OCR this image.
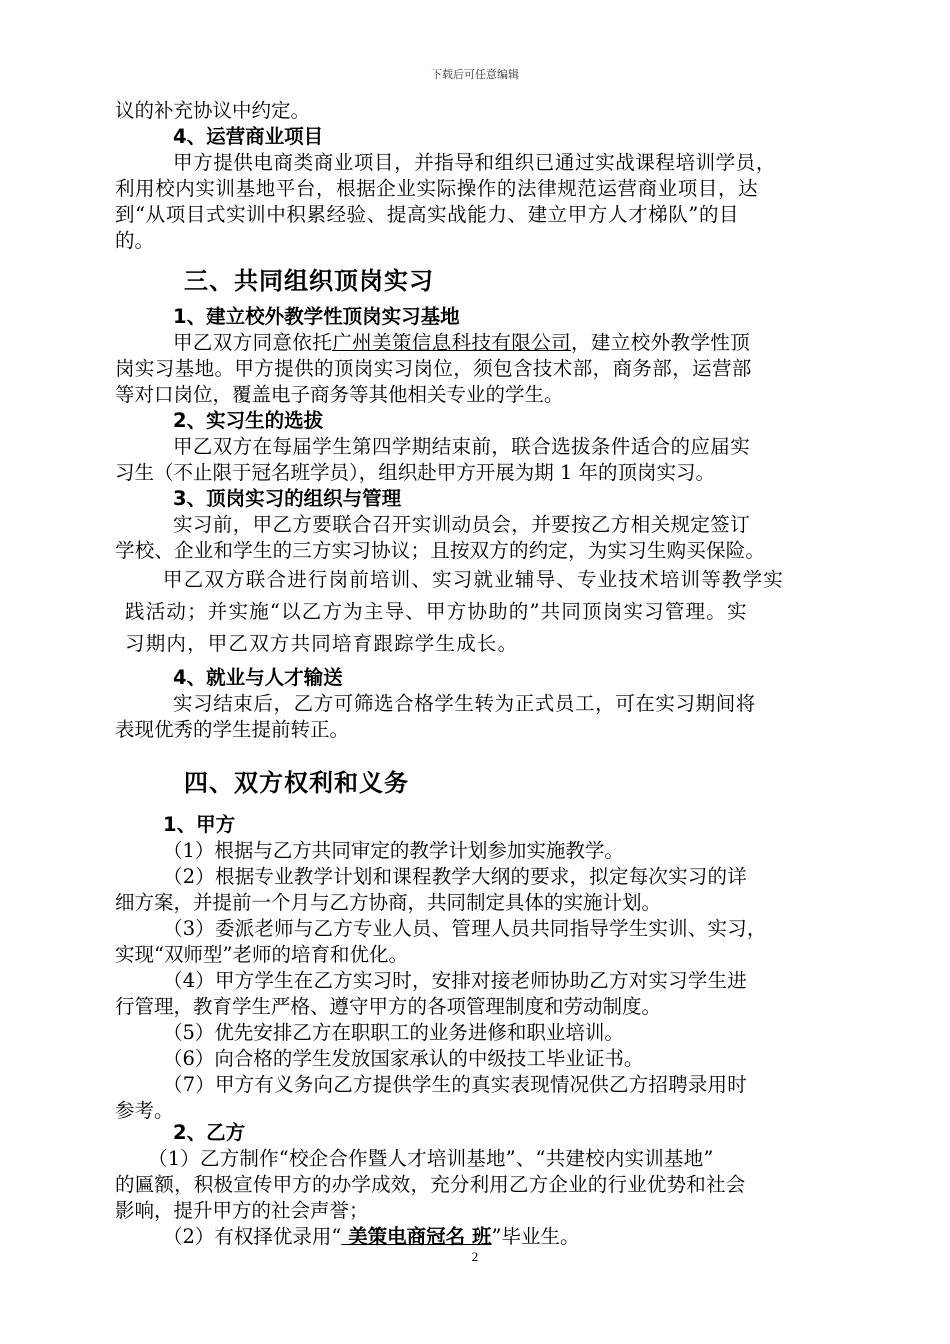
下载后可任意编辑
议的补充协议中约定。
4、运营商业项目
甲方提供电商类商业项目，并指导和组织已通过实战课程培训学员，
利用校内实训基地平台，根据企业实际操作的法律规范运营商业项目，达
到“从项目式实训中积累经验、提高实战能力、建立甲方人才梯队”的目
的。
三、共同组织顶岗实习
1、建立校外教学性顶岗实习基地
甲乙双方同意依托广州美策信息科技有限公司，建立校外教学性顶
岗实习基地。甲方提供的顶岗实习岗位，须包含技术部，商务部，运营部
等对口岗位，覆盖电子商务等其他相关专业的学生。
2、实习生的选拔
甲乙双方在每届学生第四学期结束前，联合选拔条件适合的应届实
习生（不止限于冠名班学员），组织赴甲方开展为期 1 年的顶岗实习。
3、顶岗实习的组织与管理
实习前，甲乙方要联合召开实训动员会，并要按乙方相关规定签订
学校、企业和学生的三方实习协议；且按双方的约定，为实习生购买保险。
甲乙双方联合进行岗前培训、实习就业辅导、专业技术培训等教学实
践活动；并实施“以乙方为主导、甲方协助的”共同顶岗实习管理。实
习期内，甲乙双方共同培育跟踪学生成长。
4、就业与人才输送
实习结束后，乙方可筛选合格学生转为正式员工，可在实习期间将
表现优秀的学生提前转正。
四、双方权利和义务
1、甲方
（1）根据与乙方共同审定的教学计划参加实施教学。
（2）根据专业教学计划和课程教学大纲的要求，拟定每次实习的详
细方案，并提前一个月与乙方协商，共同制定具体的实施计划。
（3）委派老师与乙方专业人员、管理人员共同指导学生实训、实习，
实现“双师型”老师的培育和优化。
（4）甲方学生在乙方实习时，安排对接老师协助乙方对实习学生进
行管理，教育学生严格、遵守甲方的各项管理制度和劳动制度。
（5）优先安排乙方在职职工的业务进修和职业培训。
（6）向合格的学生发放国家承认的中级技工毕业证书。
（7）甲方有义务向乙方提供学生的真实表现情况供乙方招聘录用时
参考。
2、乙方
（1）乙方制作“校企合作暨人才培训基地”、“共建校内实训基地”
的匾额，积极宣传甲方的办学成效，充分利用乙方企业的行业优势和社会
影响，提升甲方的社会声誉；
（2）有权择优录用“ 美策电商冠名 班”毕业生。
2
